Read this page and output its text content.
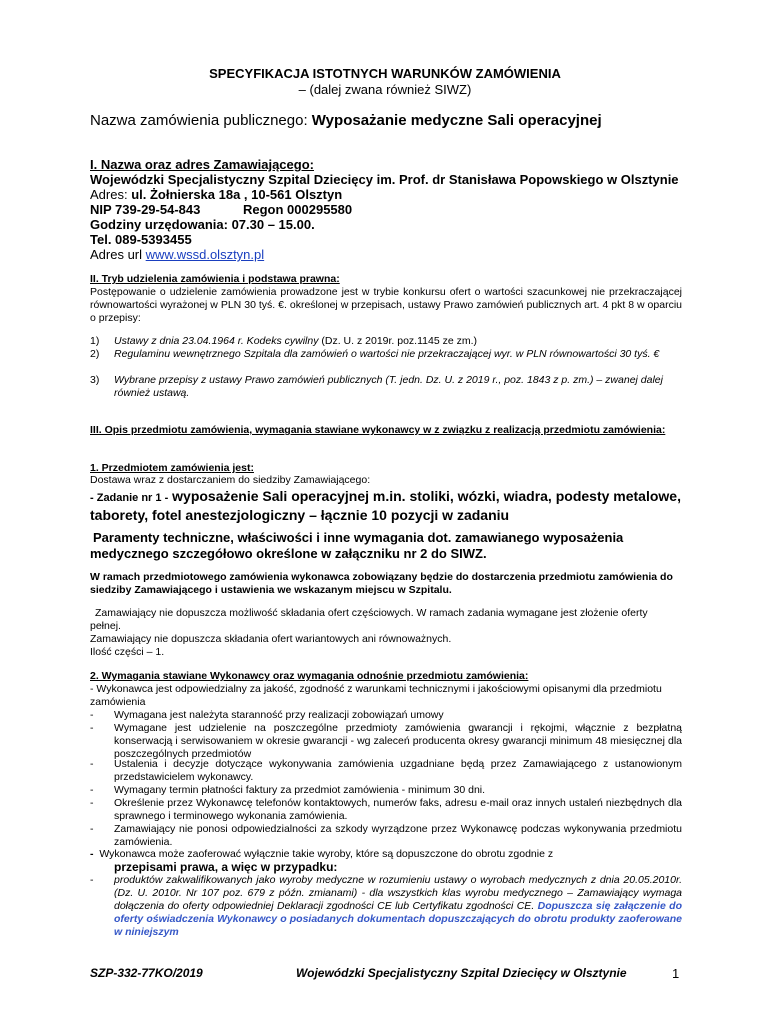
SPECYFIKACJA ISTOTNYCH WARUNKÓW ZAMÓWIENIA
– (dalej zwana również SIWZ)
Nazwa zamówienia publicznego: Wyposażanie medyczne Sali operacyjnej
I. Nazwa oraz adres Zamawiającego:
Wojewódzki Specjalistyczny Szpital Dziecięcy im. Prof. dr Stanisława Popowskiego w Olsztynie
Adres: ul. Żołnierska 18a , 10-561 Olsztyn
NIP 739-29-54-843	Regon 000295580
Godziny urzędowania: 07.30 – 15.00.
Tel. 089-5393455
Adres url www.wssd.olsztyn.pl
II. Tryb udzielenia zamówienia i podstawa prawna:
Postępowanie o udzielenie zamówienia prowadzone jest w trybie konkursu ofert o wartości szacunkowej nie przekraczającej równowartości wyrażonej w PLN 30 tyś. €. określonej w przepisach, ustawy Prawo zamówień publicznych art. 4 pkt 8 w oparciu o przepisy:
1) Ustawy z dnia 23.04.1964 r. Kodeks cywilny (Dz. U. z 2019r. poz.1145 ze zm.)
2) Regulaminu wewnętrznego Szpitala dla zamówień o wartości nie przekraczającej wyr. w PLN równowartości 30 tyś. €
3) Wybrane przepisy z ustawy Prawo zamówień publicznych (T. jedn. Dz. U. z 2019 r., poz. 1843 z p. zm.) – zwanej dalej również ustawą.
III. Opis przedmiotu zamówienia, wymagania stawiane wykonawcy w z związku z realizacją przedmiotu zamówienia:
1. Przedmiotem zamówienia jest:
Dostawa wraz z dostarczaniem do siedziby Zamawiającego:
- Zadanie nr 1 - wyposażenie Sali operacyjnej m.in. stoliki, wózki, wiadra, podesty metalowe, taborety, fotel anestezjologiczny – łącznie 10 pozycji w zadaniu
Paramenty techniczne, właściwości i inne wymagania dot. zamawianego wyposażenia medycznego szczegółowo określone w załączniku nr 2 do SIWZ.
W ramach przedmiotowego zamówienia wykonawca zobowiązany będzie do dostarczenia przedmiotu zamówienia do siedziby Zamawiającego i ustawienia we wskazanym miejscu w Szpitalu.
Zamawiający nie dopuszcza możliwość składania ofert częściowych. W ramach zadania wymagane jest złożenie oferty pełnej.
Zamawiający nie dopuszcza składania ofert wariantowych ani równoważnych.
Ilość części – 1.
2. Wymagania stawiane Wykonawcy oraz wymagania odnośnie przedmiotu zamówienia:
- Wykonawca jest odpowiedzialny za jakość, zgodność z warunkami technicznymi i jakościowymi opisanymi dla przedmiotu zamówienia
- Wymagana jest należyta staranność przy realizacji zobowiązań umowy
- Wymagane jest udzielenie na poszczególne przedmioty zamówienia gwarancji i rękojmi, włącznie z bezpłatną konserwacją i serwisowaniem w okresie gwarancji - wg zaleceń producenta okresy gwarancji minimum 48 miesięcznej dla poszczególnych przedmiotów
- Ustalenia i decyzje dotyczące wykonywania zamówienia uzgadniane będą przez Zamawiającego z ustanowionym przedstawicielem wykonawcy.
- Wymagany termin płatności faktury za przedmiot zamówienia - minimum 30 dni.
- Określenie przez Wykonawcę telefonów kontaktowych, numerów faks, adresu e-mail oraz innych ustaleń niezbędnych dla sprawnego i terminowego wykonania zamówienia.
- Zamawiający nie ponosi odpowiedzialności za szkody wyrządzone przez Wykonawcę podczas wykonywania przedmiotu zamówienia.
- Wykonawca może zaoferować wyłącznie takie wyroby, które są dopuszczone do obrotu zgodnie z
przepisami prawa, a więc w przypadku:
- produktów zakwalifikowanych jako wyroby medyczne w rozumieniu ustawy o wyrobach medycznych z dnia 20.05.2010r. (Dz. U. 2010r. Nr 107 poz. 679 z późn. zmianami) - dla wszystkich klas wyrobu medycznego – Zamawiający wymaga dołączenia do oferty odpowiedniej Deklaracji zgodności CE lub Certyfikatu zgodności CE. Dopuszcza się załączenie do oferty oświadczenia Wykonawcy o posiadanych dokumentach dopuszczających do obrotu produkty zaoferowane w niniejszym
SZP-332-77KO/2019	Wojewódzki Specjalistyczny Szpital Dziecięcy w Olsztynie	1
